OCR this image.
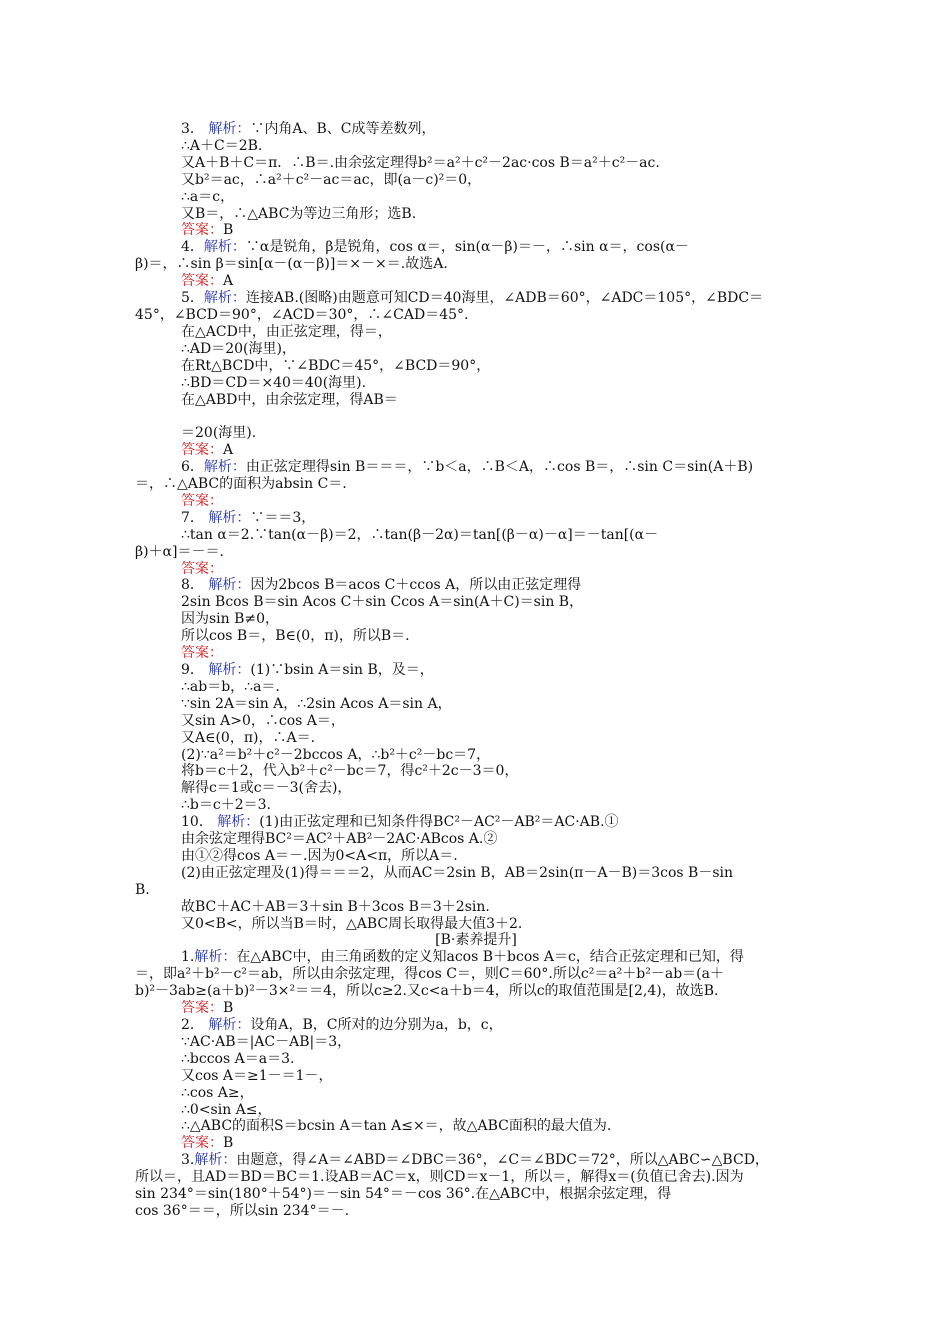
3． 解析：∵内角A、B、C成等差数列，
∴A＋C＝2B.
又A＋B＋C＝π．∴B＝.由余弦定理得b²＝a²＋c²－2ac·cos B＝a²＋c²－ac.
又b²＝ac，∴a²＋c²－ac＝ac，即(a－c)²＝0，
∴a＝c，
又B＝，∴△ABC为等边三角形；选B.
答案：B
4．解析：∵α是锐角，β是锐角，cos α＝，sin(α－β)＝－，∴sin α＝，cos(α－
β)＝，∴sin β＝sin[α－(α－β)]＝×－×＝.故选A.
答案：A
5．解析：连接AB.(图略)由题意可知CD＝40海里，∠ADB＝60°，∠ADC＝105°，∠BDC＝
45°，∠BCD＝90°，∠ACD＝30°，∴∠CAD＝45°.
在△ACD中，由正弦定理，得＝，
∴AD＝20(海里)，
在Rt△BCD中，∵∠BDC＝45°，∠BCD＝90°，
∴BD＝CD＝×40＝40(海里).
在△ABD中，由余弦定理，得AB＝
＝20(海里).
答案：A
6．解析：由正弦定理得sin B＝＝＝，∵b＜a，∴B＜A，∴cos B＝，∴sin C＝sin(A＋B)
＝，∴△ABC的面积为absin C＝.
答案：
7． 解析：∵＝＝3，
∴tan α＝2.∵tan(α－β)＝2，∴tan(β－2α)＝tan[(β－α)－α]＝－tan[(α－
β)＋α]＝－＝.
答案：
8． 解析：因为2bcos B＝acos C＋ccos A，所以由正弦定理得
2sin Bcos B＝sin Acos C＋sin Ccos A＝sin(A＋C)＝sin B，
因为sin B≠0，
所以cos B＝，B∈(0，π)，所以B＝.
答案：
9． 解析：(1)∵bsin A＝sin B，及＝，
∴ab＝b，∴a＝.
∵sin 2A＝sin A，∴2sin Acos A＝sin A，
又sin A>0，∴cos A＝，
又A∈(0，π)，∴A＝.
(2)∵a²＝b²＋c²－2bccos A，∴b²＋c²－bc＝7，
将b＝c＋2，代入b²＋c²－bc＝7，得c²＋2c－3＝0，
解得c＝1或c＝－3(舍去)，
∴b＝c＋2＝3.
10． 解析：(1)由正弦定理和已知条件得BC²－AC²－AB²＝AC·AB.①
由余弦定理得BC²＝AC²＋AB²－2AC·ABcos A.②
由①②得cos A＝－.因为0<A<π，所以A＝.
(2)由正弦定理及(1)得＝＝＝2，从而AC＝2sin B，AB＝2sin(π－A－B)＝3cos B－sin
B.
故BC＋AC＋AB＝3＋sin B＋3cos B＝3＋2sin.
又0<B<，所以当B＝时，△ABC周长取得最大值3＋2.
[B·素养提升]
1.解析：在△ABC中，由三角函数的定义知acos B＋bcos A＝c，结合正弦定理和已知，得
＝，即a²＋b²－c²＝ab，所以由余弦定理，得cos C＝，则C＝60°.所以c²＝a²＋b²－ab＝(a＋
b)²－3ab≥(a＋b)²－3×²＝＝4，所以c≥2.又c<a＋b＝4，所以c的取值范围是[2,4)，故选B.
答案：B
2． 解析：设角A，B，C所对的边分别为a，b，c，
∵AC·AB＝|AC－AB|＝3，
∴bccos A＝a＝3.
又cos A＝≥1－＝1－，
∴cos A≥，
∴0<sin A≤，
∴△ABC的面积S＝bcsin A＝tan A≤×＝，故△ABC面积的最大值为.
答案：B
3.解析：由题意，得∠A＝∠ABD＝∠DBC＝36°，∠C＝∠BDC＝72°，所以△ABC∽△BCD，
所以＝，且AD＝BD＝BC＝1.设AB＝AC＝x，则CD＝x－1，所以＝，解得x＝(负值已舍去).因为
sin 234°＝sin(180°＋54°)＝－sin 54°＝－cos 36°.在△ABC中，根据余弦定理，得
cos 36°＝＝，所以sin 234°＝－.
